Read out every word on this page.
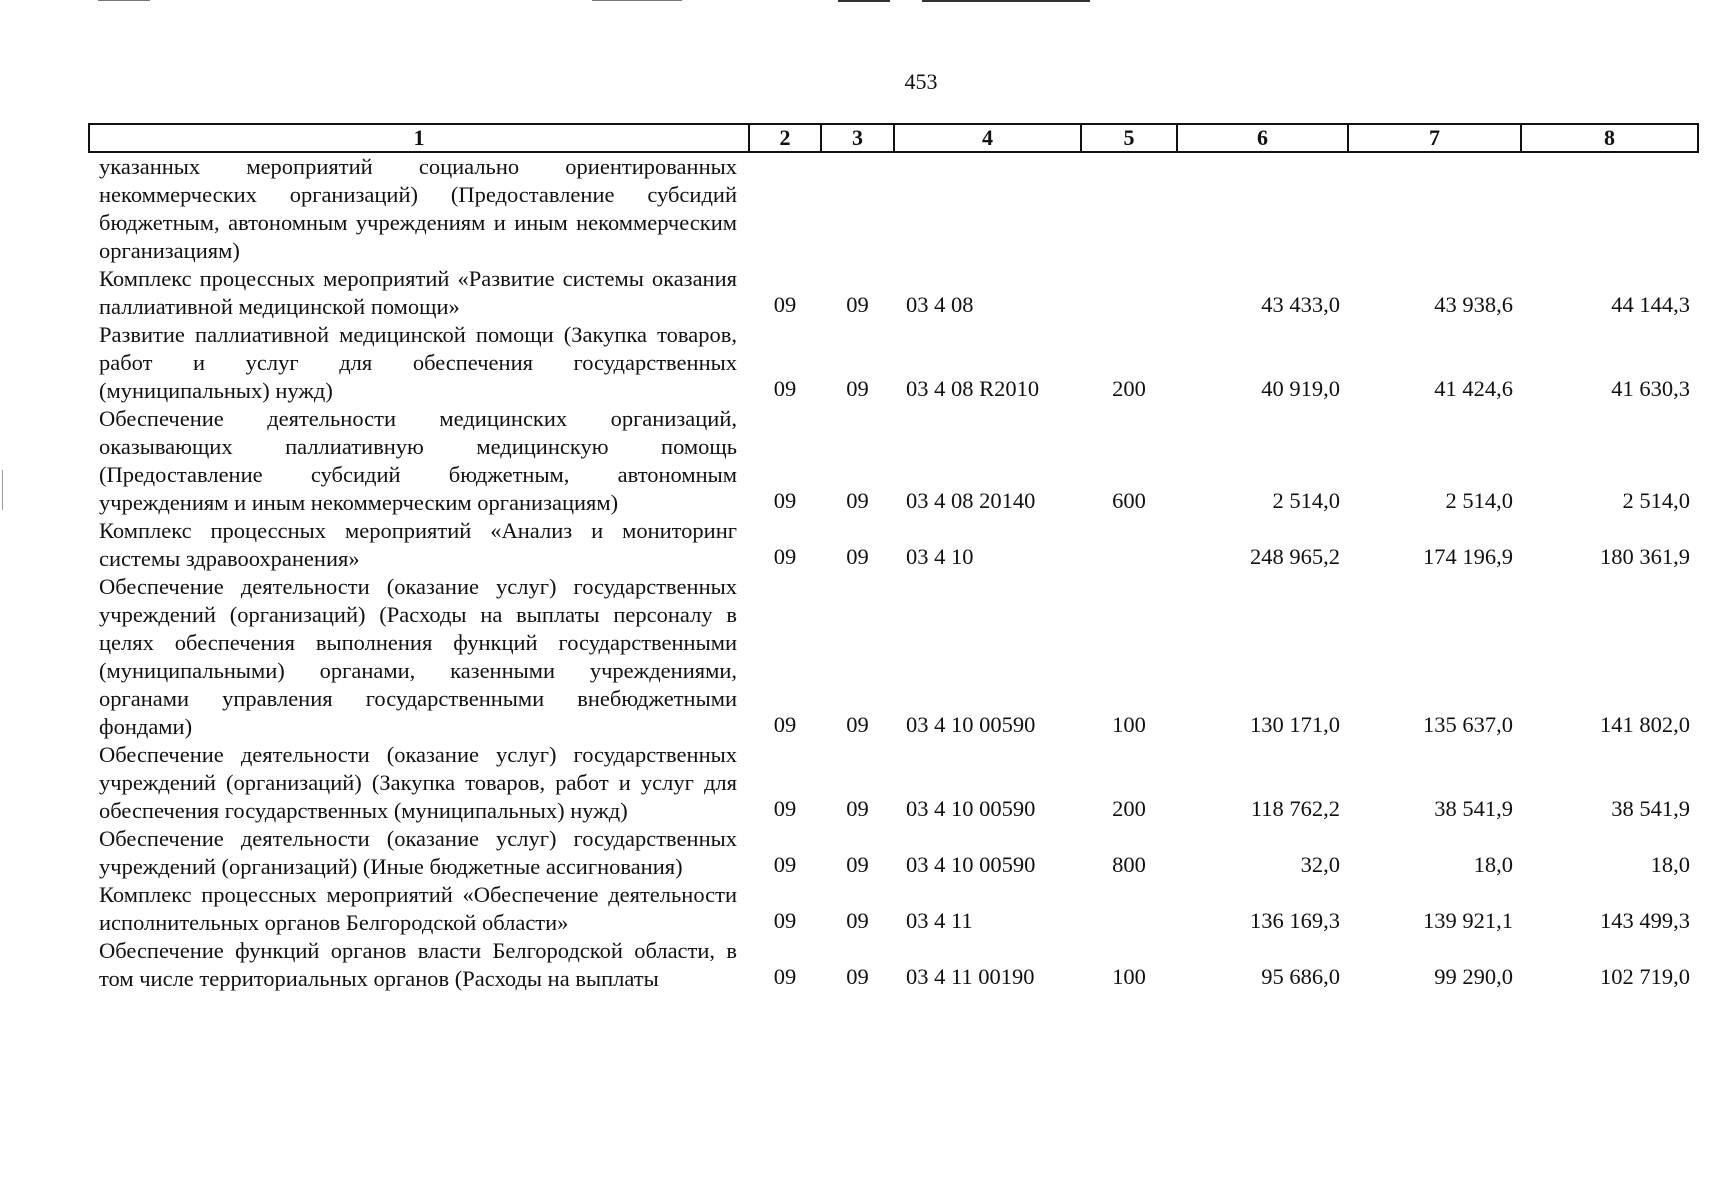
453
1	2	3	4	5	6	7	8
указанных мероприятий социально ориентированных некоммерческих организаций) (Предоставление субсидий бюджетным, автономным учреждениям и иным некоммерческим организациям)							
Комплекс процессных мероприятий «Развитие системы оказания паллиативной медицинской помощи»	09	09	03 4 08		43 433,0	43 938,6	44 144,3
Развитие паллиативной медицинской помощи (Закупка товаров, работ и услуг для обеспечения государственных (муниципальных) нужд)	09	09	03 4 08 R2010	200	40 919,0	41 424,6	41 630,3
Обеспечение деятельности медицинских организаций, оказывающих паллиативную медицинскую помощь (Предоставление субсидий бюджетным, автономным учреждениям и иным некоммерческим организациям)	09	09	03 4 08 20140	600	2 514,0	2 514,0	2 514,0
Комплекс процессных мероприятий «Анализ и мониторинг системы здравоохранения»	09	09	03 4 10		248 965,2	174 196,9	180 361,9
Обеспечение деятельности (оказание услуг) государственных учреждений (организаций) (Расходы на выплаты персоналу в целях обеспечения выполнения функций государственными (муниципальными) органами, казенными учреждениями, органами управления государственными внебюджетными фондами)	09	09	03 4 10 00590	100	130 171,0	135 637,0	141 802,0
Обеспечение деятельности (оказание услуг) государственных учреждений (организаций) (Закупка товаров, работ и услуг для обеспечения государственных (муниципальных) нужд)	09	09	03 4 10 00590	200	118 762,2	38 541,9	38 541,9
Обеспечение деятельности (оказание услуг) государственных учреждений (организаций) (Иные бюджетные ассигнования)	09	09	03 4 10 00590	800	32,0	18,0	18,0
Комплекс процессных мероприятий «Обеспечение деятельности исполнительных органов Белгородской области»	09	09	03 4 11		136 169,3	139 921,1	143 499,3
Обеспечение функций органов власти Белгородской области, в том числе территориальных органов (Расходы на выплаты	09	09	03 4 11 00190	100	95 686,0	99 290,0	102 719,0
